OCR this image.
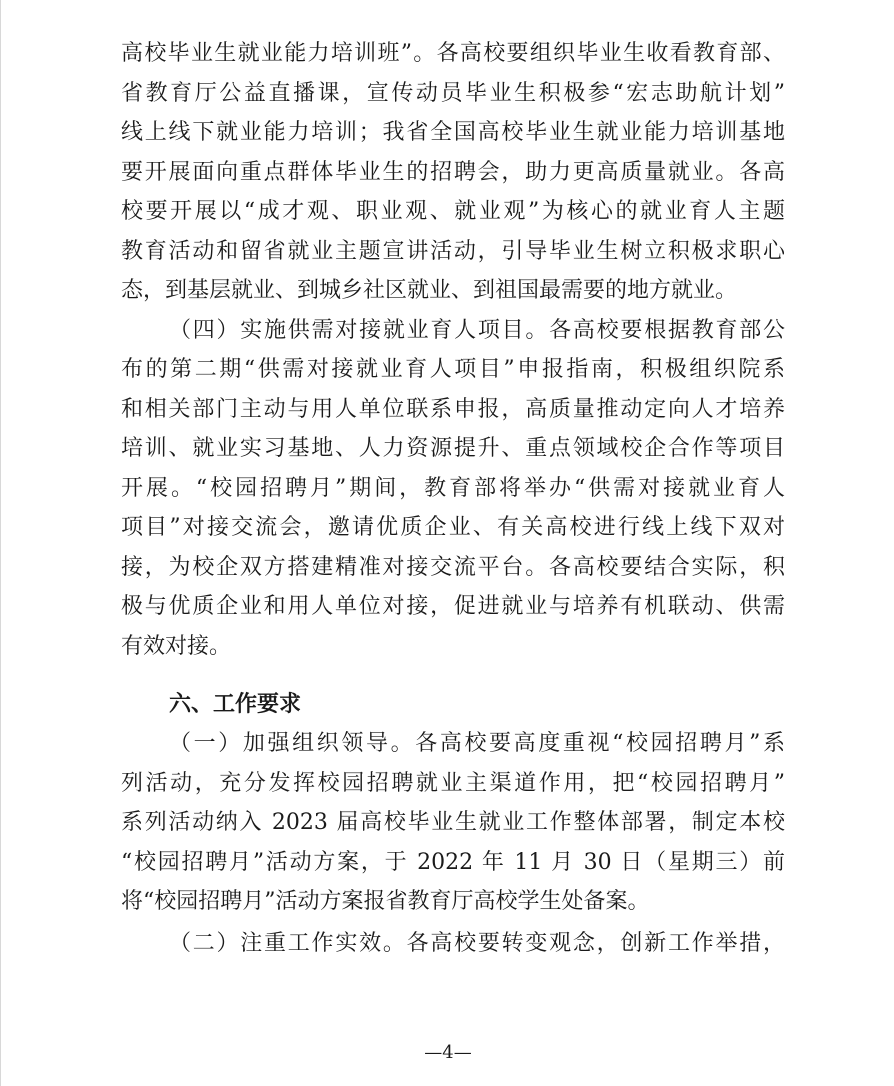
高校毕业生就业能力培训班”。各高校要组织毕业生收看教育部、
省教育厅公益直播课，宣传动员毕业生积极参“宏志助航计划”
线上线下就业能力培训；我省全国高校毕业生就业能力培训基地
要开展面向重点群体毕业生的招聘会，助力更高质量就业。各高
校要开展以“成才观、职业观、就业观”为核心的就业育人主题
教育活动和留省就业主题宣讲活动，引导毕业生树立积极求职心
态，到基层就业、到城乡社区就业、到祖国最需要的地方就业。
（四）实施供需对接就业育人项目。各高校要根据教育部公
布的第二期“供需对接就业育人项目”申报指南，积极组织院系
和相关部门主动与用人单位联系申报，高质量推动定向人才培养
培训、就业实习基地、人力资源提升、重点领域校企合作等项目
开展。“校园招聘月”期间，教育部将举办“供需对接就业育人
项目”对接交流会，邀请优质企业、有关高校进行线上线下双对
接，为校企双方搭建精准对接交流平台。各高校要结合实际，积
极与优质企业和用人单位对接，促进就业与培养有机联动、供需
有效对接。
六、工作要求
（一）加强组织领导。各高校要高度重视“校园招聘月”系
列活动，充分发挥校园招聘就业主渠道作用，把“校园招聘月”
系列活动纳入 2023 届高校毕业生就业工作整体部署，制定本校
“校园招聘月”活动方案，于 2022 年 11 月 30 日（星期三）前
将“校园招聘月”活动方案报省教育厅高校学生处备案。
（二）注重工作实效。各高校要转变观念，创新工作举措，
—4—
